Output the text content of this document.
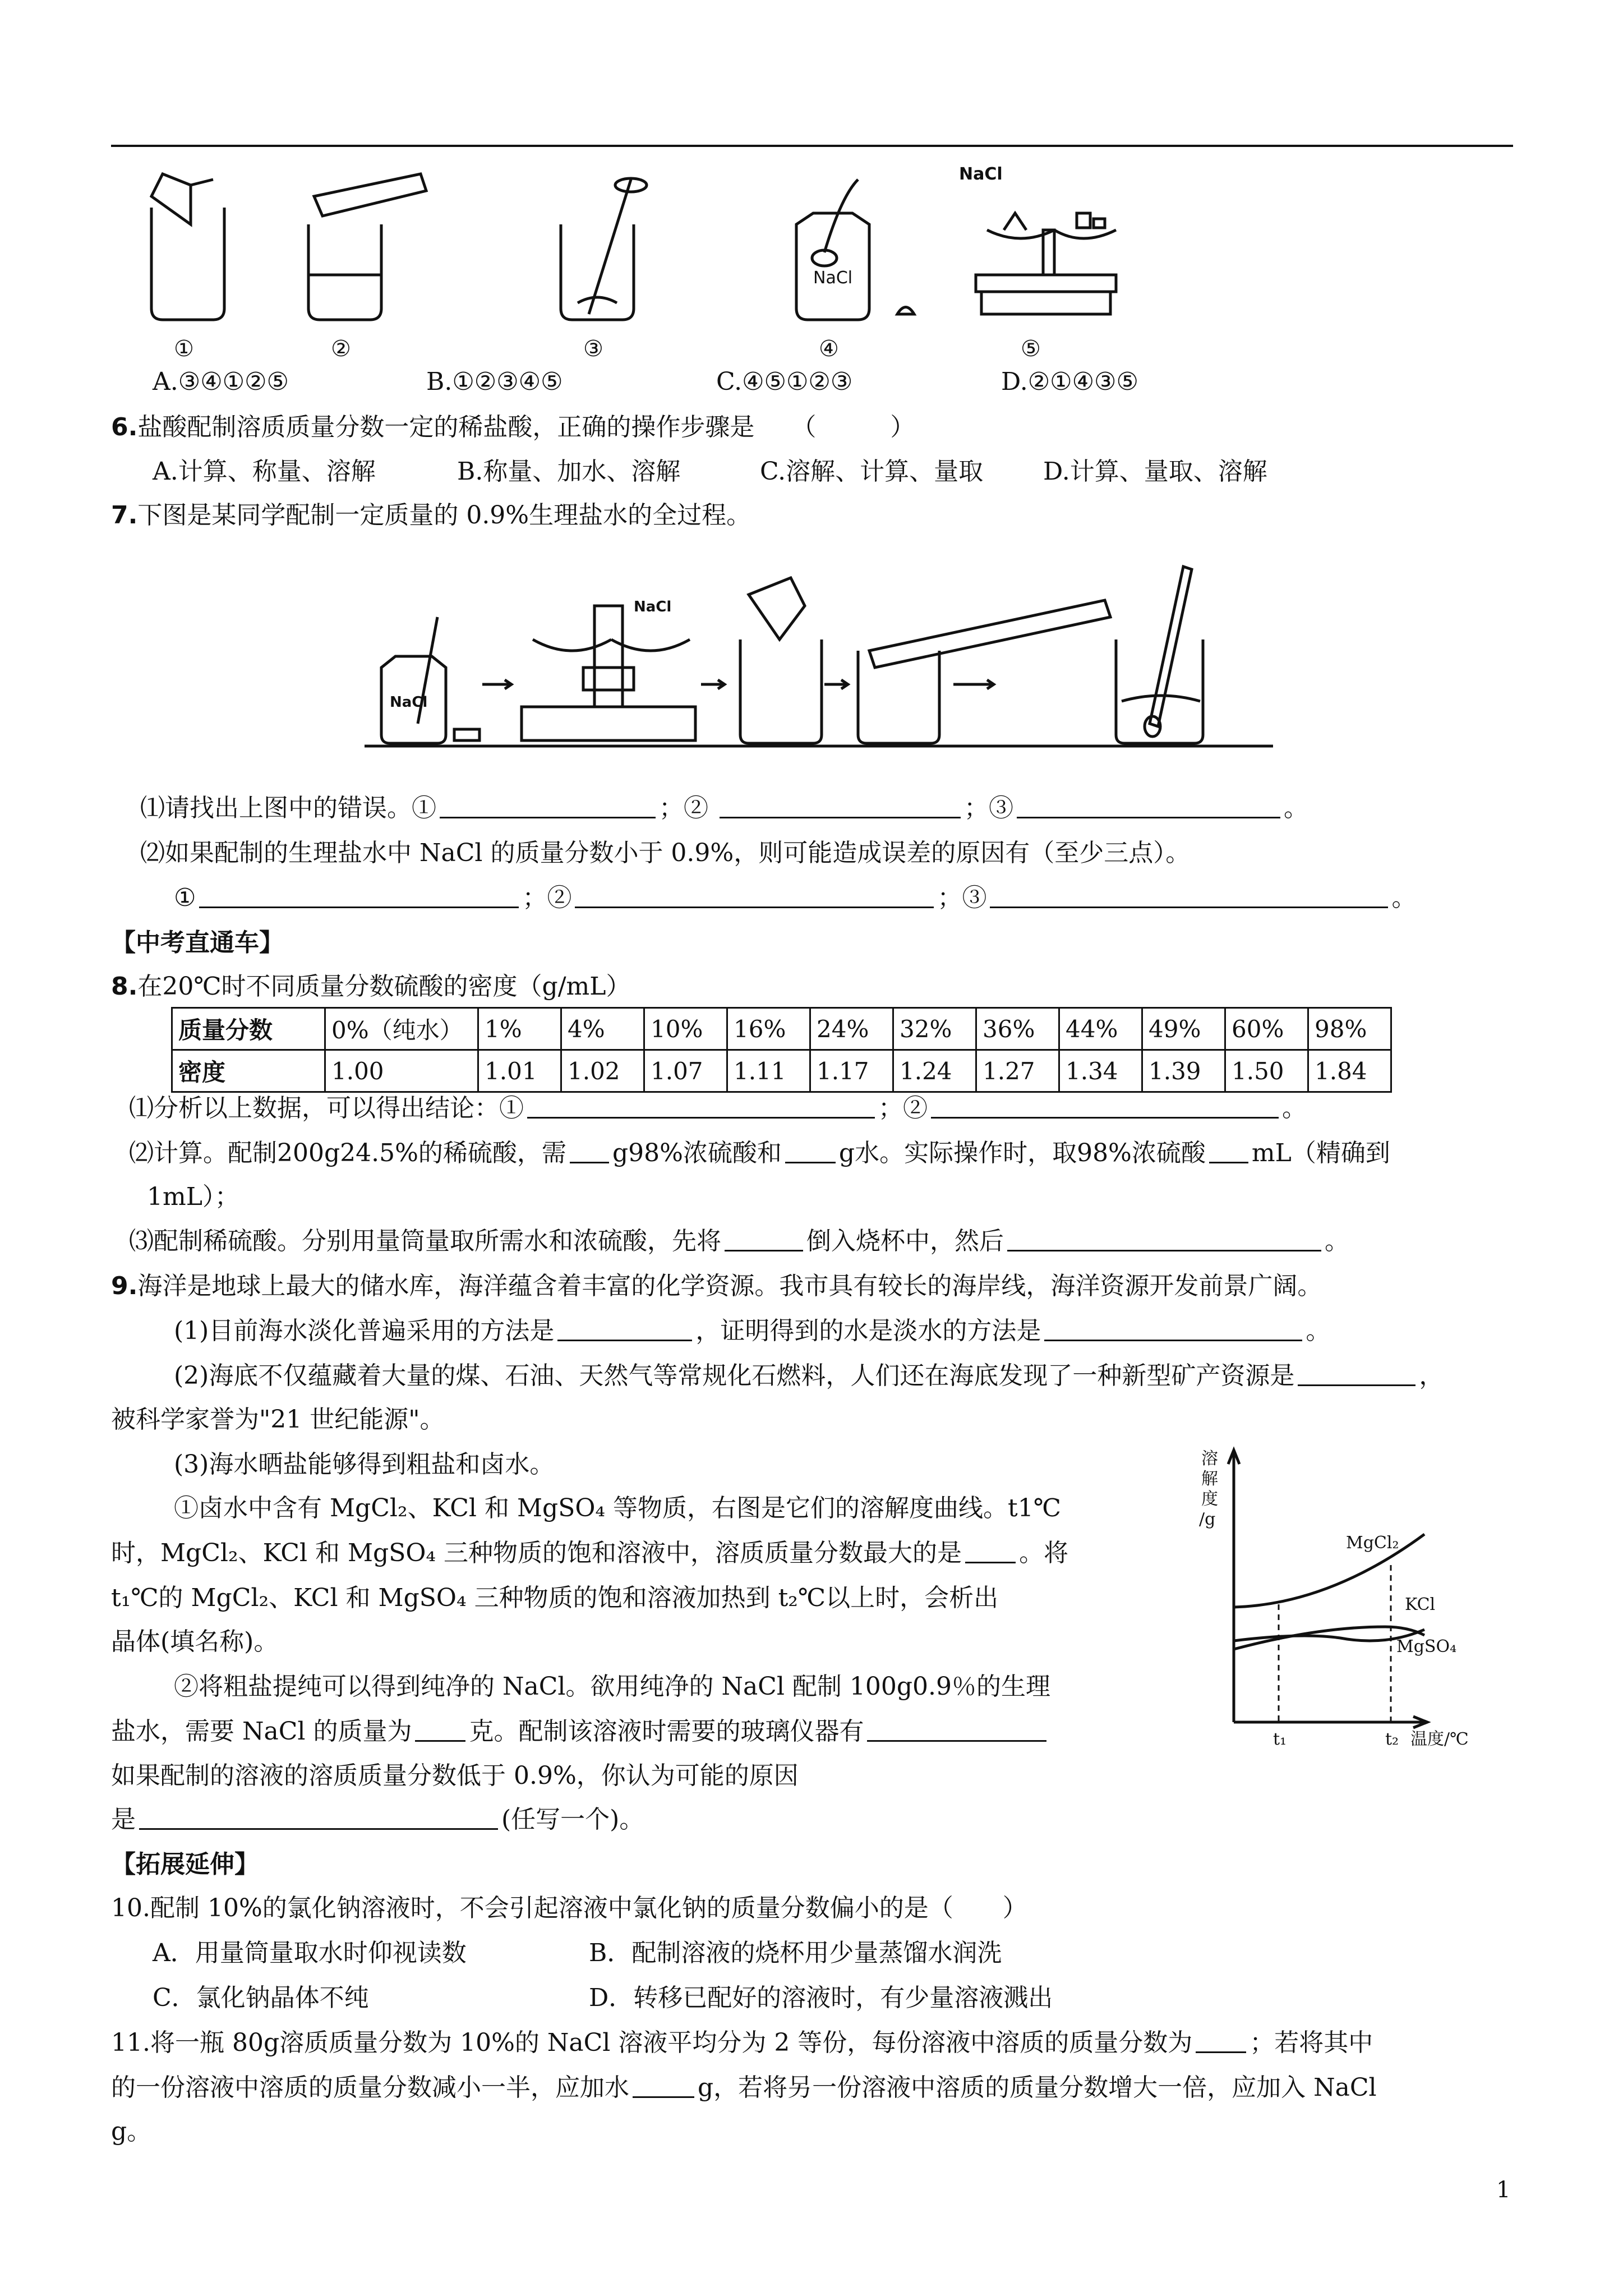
NaCl
NaCl
①	②	③	④	⑤
A.③④①②⑤	B.①②③④⑤	C.④⑤①②③	D.②①④③⑤
6.盐酸配制溶质质量分数一定的稀盐酸，正确的操作步骤是　　（　　　）
A.计算、称量、溶解	B.称量、加水、溶解	C.溶解、计算、量取 D.计算、量取、溶解
7.下图是某同学配制一定质量的 0.9%生理盐水的全过程。
NaCl
NaCl
⑴请找出上图中的错误。①	；②	；③	。
⑵如果配制的生理盐水中 NaCl 的质量分数小于 0.9%，则可能造成误差的原因有（至少三点）。
①	；②	；③	。
【中考直通车】
8.在20℃时不同质量分数硫酸的密度（g/mL）
质量分数	0%（纯水）	1%	4%	10%	16%	24%	32%	36%	44%	49%	60%	98%
密度	1.00	1.01	1.02	1.07	1.11	1.17	1.24	1.27	1.34	1.39	1.50	1.84
⑴分析以上数据，可以得出结论：①	；②	。
⑵计算。配制200g24.5%的稀硫酸，需 g98%浓硫酸和 g水。实际操作时，取98%浓硫酸 mL（精确到
1mL）；
⑶配制稀硫酸。分别用量筒量取所需水和浓硫酸，先将	倒入烧杯中，然后	。
9.海洋是地球上最大的储水库，海洋蕴含着丰富的化学资源。我市具有较长的海岸线，海洋资源开发前景广阔。
(1)目前海水淡化普遍采用的方法是	，证明得到的水是淡水的方法是	。
(2)海底不仅蕴藏着大量的煤、石油、天然气等常规化石燃料，人们还在海底发现了一种新型矿产资源是	，
被科学家誉为"21 世纪能源"。
(3)海水晒盐能够得到粗盐和卤水。
①卤水中含有 MgCl₂、KCl 和 MgSO₄ 等物质，右图是它们的溶解度曲线。t1℃
时，MgCl₂、KCl 和 MgSO₄ 三种物质的饱和溶液中，溶质质量分数最大的是 。将
t₁℃的 MgCl₂、KCl 和 MgSO₄ 三种物质的饱和溶液加热到 t₂℃以上时，会析出
晶体(填名称)。
②将粗盐提纯可以得到纯净的 NaCl。欲用纯净的 NaCl 配制 100g0.9％的生理
盐水，需要 NaCl 的质量为 克。配制该溶液时需要的玻璃仪器有
如果配制的溶液的溶质质量分数低于 0.9%，你认为可能的原因
是	(任写一个)。
溶
解
度
/g
MgCl₂
KCl
MgSO₄
t₁	t₂ 温度/℃
【拓展延伸】
10.配制 10%的氯化钠溶液时，不会引起溶液中氯化钠的质量分数偏小的是（　　）
A．用量筒量取水时仰视读数	B．配制溶液的烧杯用少量蒸馏水润洗
C．氯化钠晶体不纯	D．转移已配好的溶液时，有少量溶液溅出
11.将一瓶 80g溶质质量分数为 10%的 NaCl 溶液平均分为 2 等份，每份溶液中溶质的质量分数为 ；若将其中
的一份溶液中溶质的质量分数减小一半，应加水	g，若将另一份溶液中溶质的质量分数增大一倍，应加入 NaCl
g。
1
